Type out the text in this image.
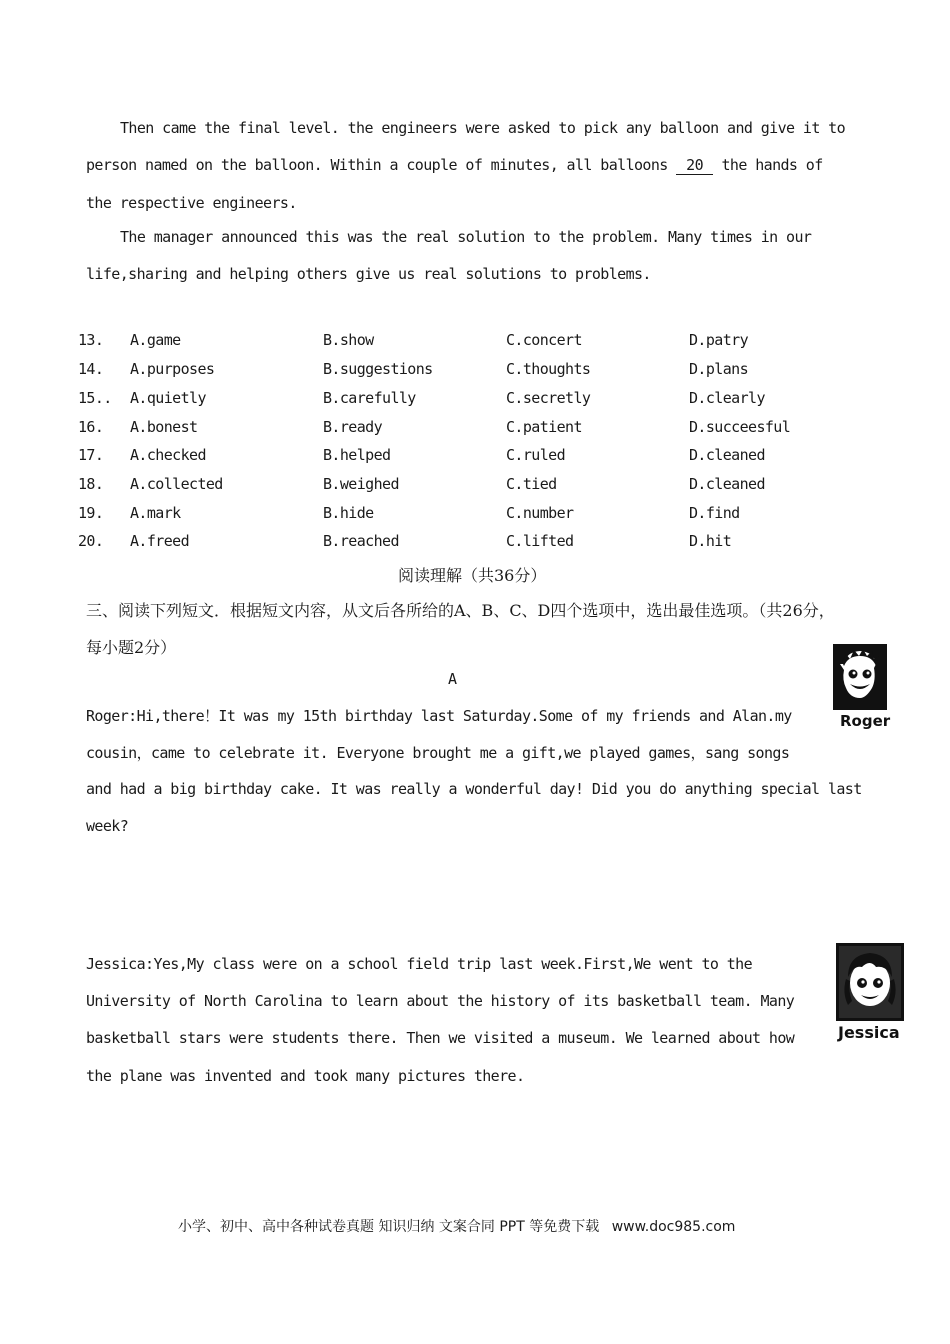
Then came the final level. the engineers were asked to pick any balloon and give it to
person named on the balloon. Within a couple of minutes, all balloons 20 the hands of
the respective engineers.
The manager announced this was the real solution to the problem. Many times in our
life,sharing and helping others give us real solutions to problems.
13. A.game	B.show	C.concert	D.patry
14. A.purposes	B.suggestions	C.thoughts	D.plans
15.. A.quietly	B.carefully	C.secretly	D.clearly
16. A.bonest	B.ready	C.patient	D.succeesful
17. A.checked	B.helped	C.ruled	D.cleaned
18. A.collected	B.weighed	C.tied	D.cleaned
19. A.mark	B.hide	C.number	D.find
20. A.freed	B.reached	C.lifted	D.hit
阅读理解（共36分）
三、阅读下列短文．根据短文内容，从文后各所给的A、B、C、D四个选项中，选出最佳选项。（共26分，
每小题2分）
A
Roger:Hi,there！It was my 15th birthday last Saturday.Some of my friends and Alan.my
cousin，came to celebrate it. Everyone brought me a gift,we played games，sang songs
and had a big birthday cake. It was really a wonderful day! Did you do anything special last
week?
Roger
Jessica:Yes,My class were on a school field trip last week.First,We went to the
University of North Carolina to learn about the history of its basketball team. Many
basketball stars were students there. Then we visited a museum. We learned about how
the plane was invented and took many pictures there.
Jessica
小学、初中、高中各种试卷真题 知识归纳 文案合同 PPT 等免费下载 www.doc985.com
